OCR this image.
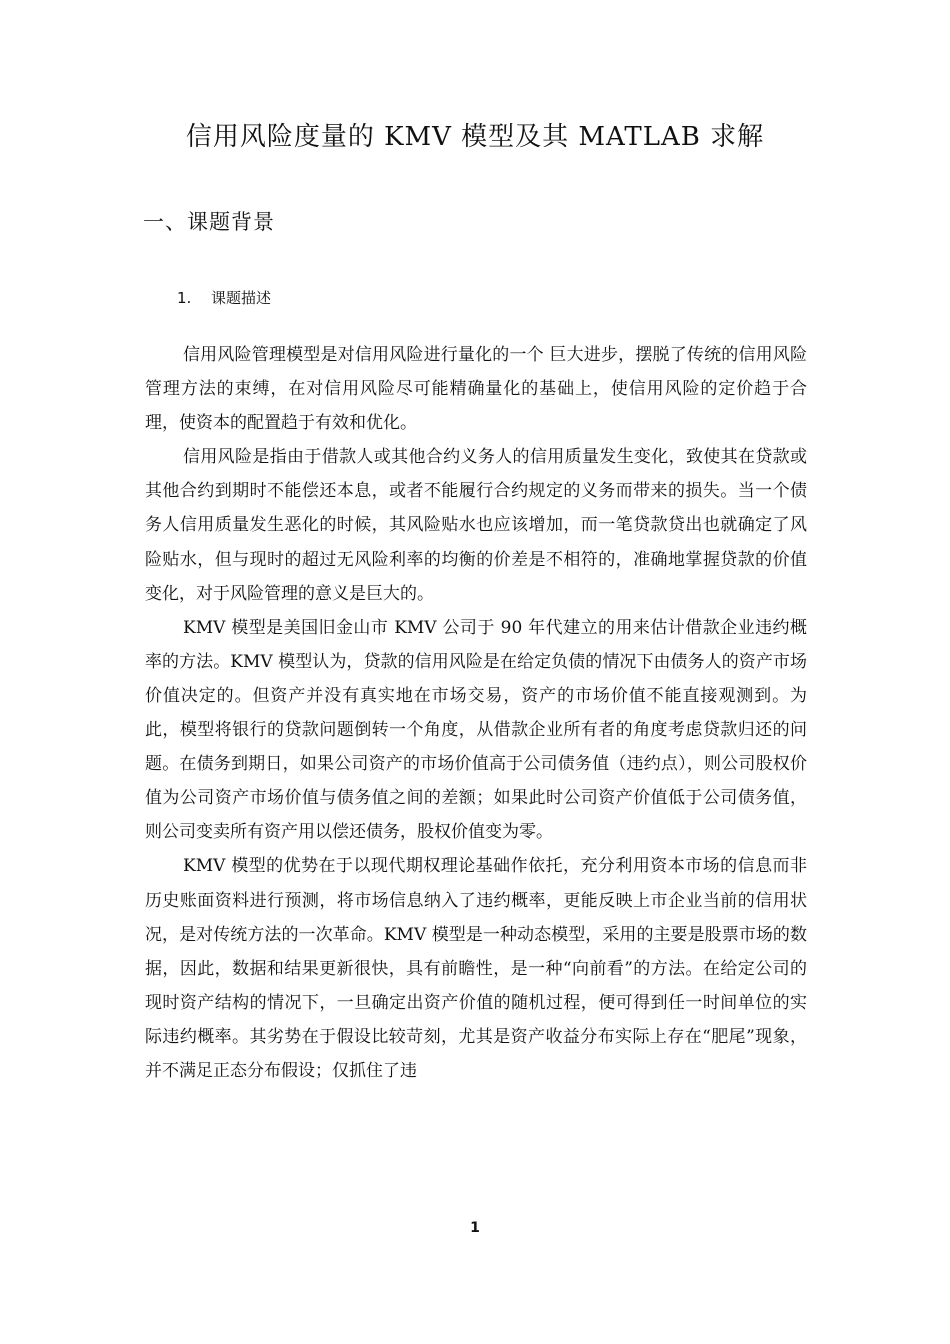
信用风险度量的 KMV 模型及其 MATLAB 求解
一、课题背景
1. 课题描述

信用风险管理模型是对信用风险进行量化的一个 巨大进步，摆脱了传统的信用风险管理方法的束缚，在对信用风险尽可能精确量化的基础上，使信用风险的定价趋于合理，使资本的配置趋于有效和优化。

信用风险是指由于借款人或其他合约义务人的信用质量发生变化，致使其在贷款或其他合约到期时不能偿还本息，或者不能履行合约规定的义务而带来的损失。当一个债务人信用质量发生恶化的时候，其风险贴水也应该增加，而一笔贷款贷出也就确定了风险贴水，但与现时的超过无风险利率的均衡的价差是不相符的，准确地掌握贷款的价值变化，对于风险管理的意义是巨大的。

KMV 模型是美国旧金山市 KMV 公司于 90 年代建立的用来估计借款企业违约概率的方法。KMV 模型认为，贷款的信用风险是在给定负债的情况下由债务人的资产市场价值决定的。但资产并没有真实地在市场交易，资产的市场价值不能直接观测到。为此，模型将银行的贷款问题倒转一个角度，从借款企业所有者的角度考虑贷款归还的问题。在债务到期日，如果公司资产的市场价值高于公司债务值（违约点），则公司股权价值为公司资产市场价值与债务值之间的差额；如果此时公司资产价值低于公司债务值，则公司变卖所有资产用以偿还债务，股权价值变为零。

KMV 模型的优势在于以现代期权理论基础作依托，充分利用资本市场的信息而非历史账面资料进行预测，将市场信息纳入了违约概率，更能反映上市企业当前的信用状况，是对传统方法的一次革命。KMV 模型是一种动态模型，采用的主要是股票市场的数据，因此，数据和结果更新很快，具有前瞻性，是一种“向前看”的方法。在给定公司的现时资产结构的情况下，一旦确定出资产价值的随机过程，便可得到任一时间单位的实际违约概率。其劣势在于假设比较苛刻，尤其是资产收益分布实际上存在“肥尾”现象，并不满足正态分布假设；仅抓住了违

1
